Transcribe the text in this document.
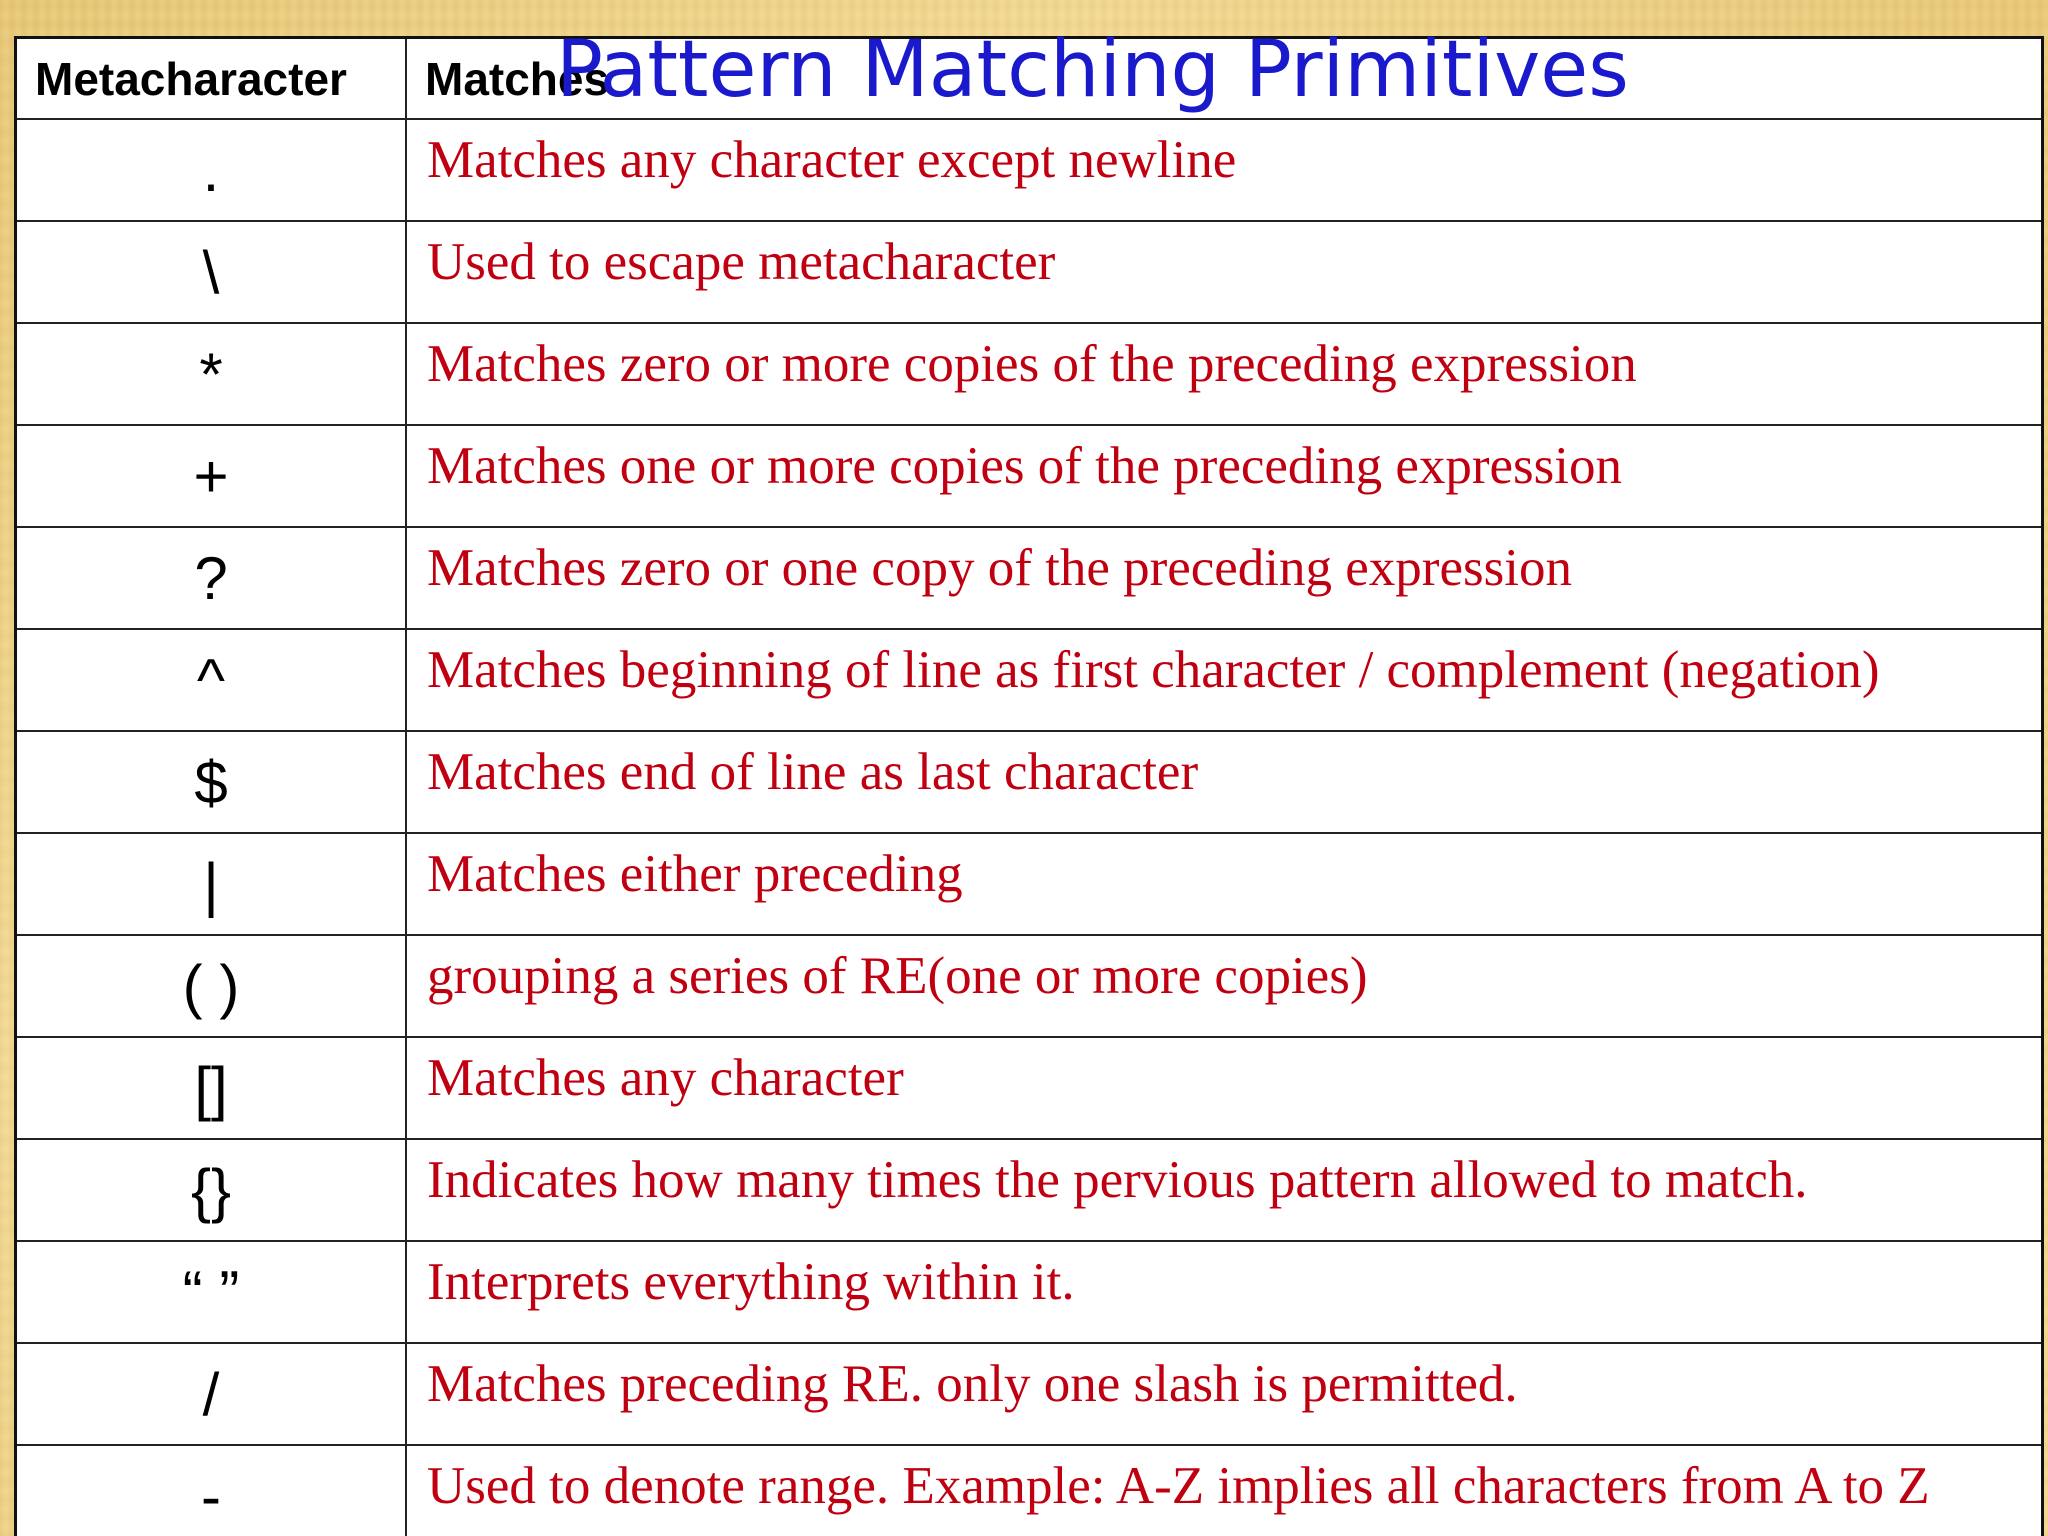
Pattern Matching Primitives
Metacharacter	Matches
.	Matches any character except newline
\	Used to escape metacharacter
*	Matches zero or more copies of the preceding expression
+	Matches one or more copies of the preceding expression
?	Matches zero or one copy of the preceding expression
^	Matches beginning of line as first character / complement (negation)
$	Matches end of line as last character
|	Matches either preceding
( )	grouping a series of RE(one or more copies)
[]	Matches any character
{}	Indicates how many times the pervious pattern allowed to match.
“ ”	Interprets everything within it.
/	Matches preceding RE. only one slash is permitted.
-	Used to denote range. Example: A-Z implies all characters from A to Z
